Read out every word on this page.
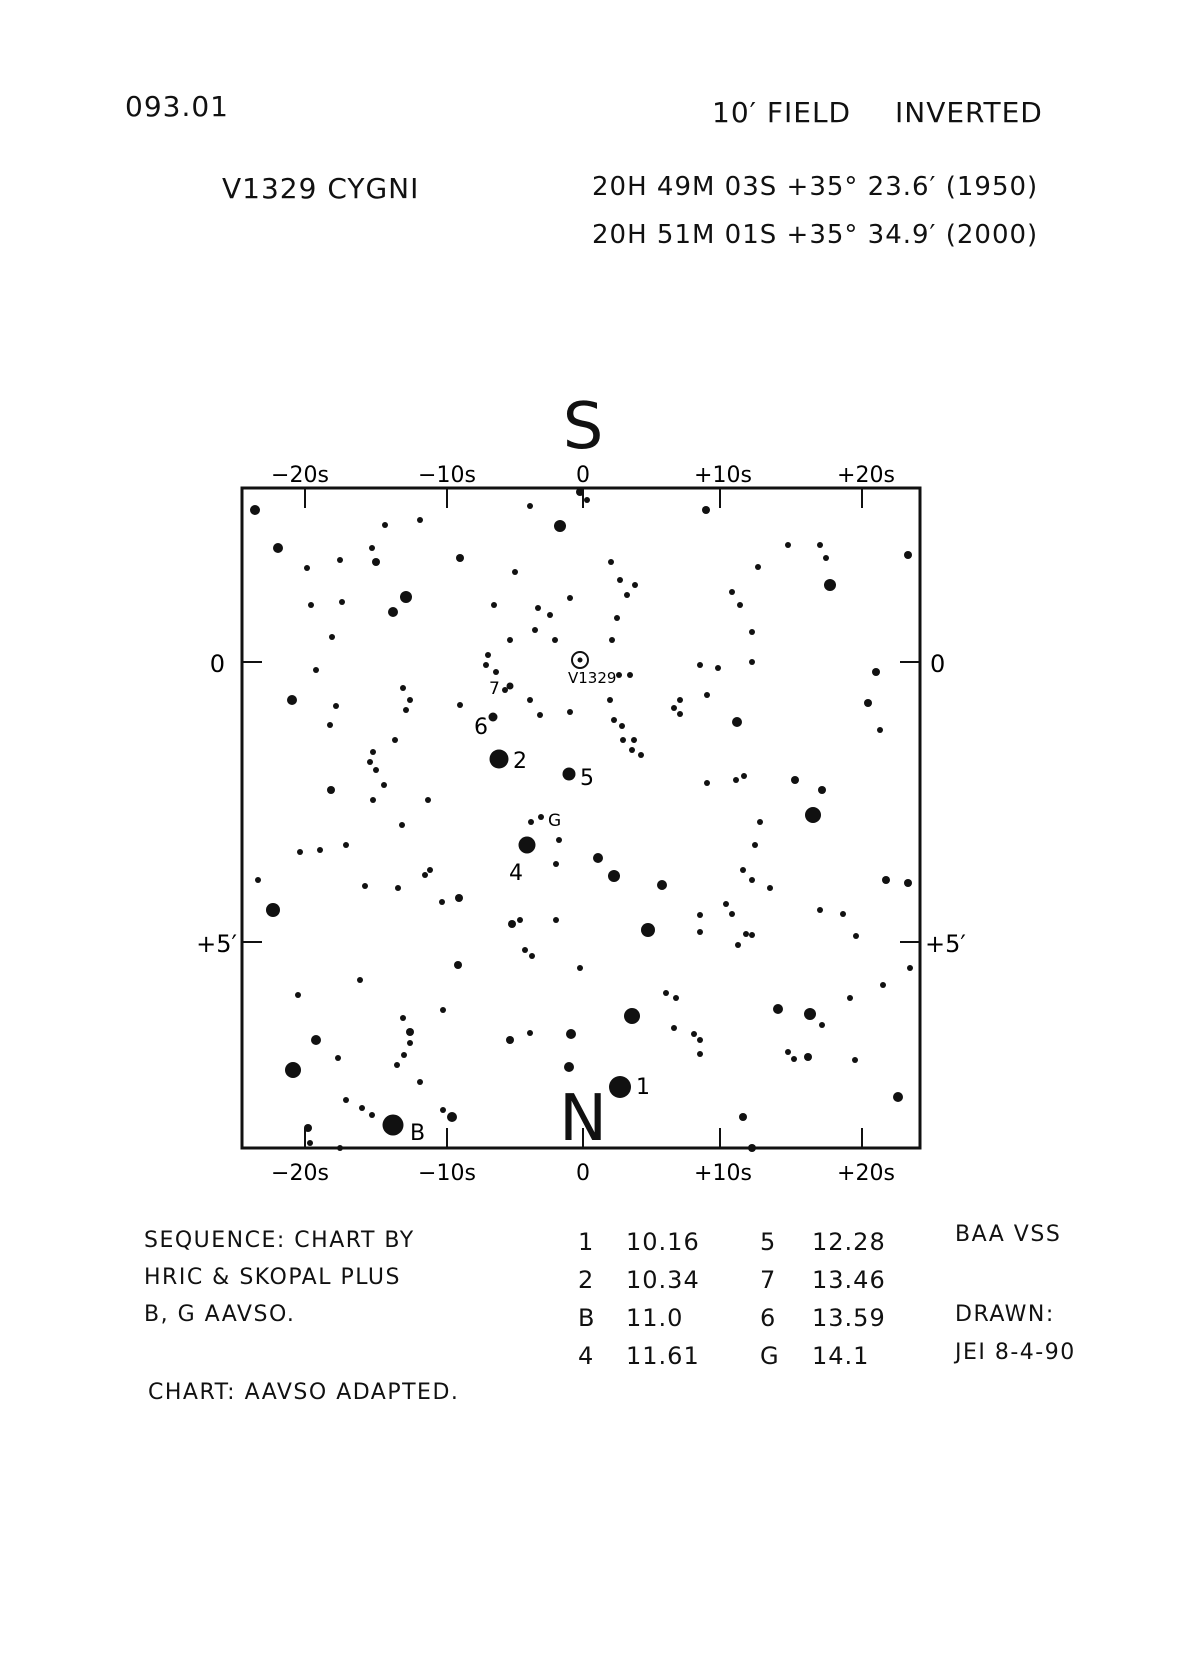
093.01	10′ FIELD INVERTED
V1329 CYGNI	20H 49M 03S +35° 23.6′ (1950)
20H 51M 01S +35° 34.9′ (2000)
S
N
−20s	−10s	0	+10s	+20s
−20s	−10s	0	+10s	+20s
0
+5′
0
+5′
V1329
1
2
B
4
5
6
7
G
SEQUENCE: CHART BY
HRIC & SKOPAL PLUS
B, G AAVSO.
CHART: AAVSO ADAPTED.
1 10.16
2 10.34
B 11.0
4 11.61
5 12.28
7 13.46
6 13.59
G 14.1
BAA VSS
DRAWN:
JEI 8-4-90
